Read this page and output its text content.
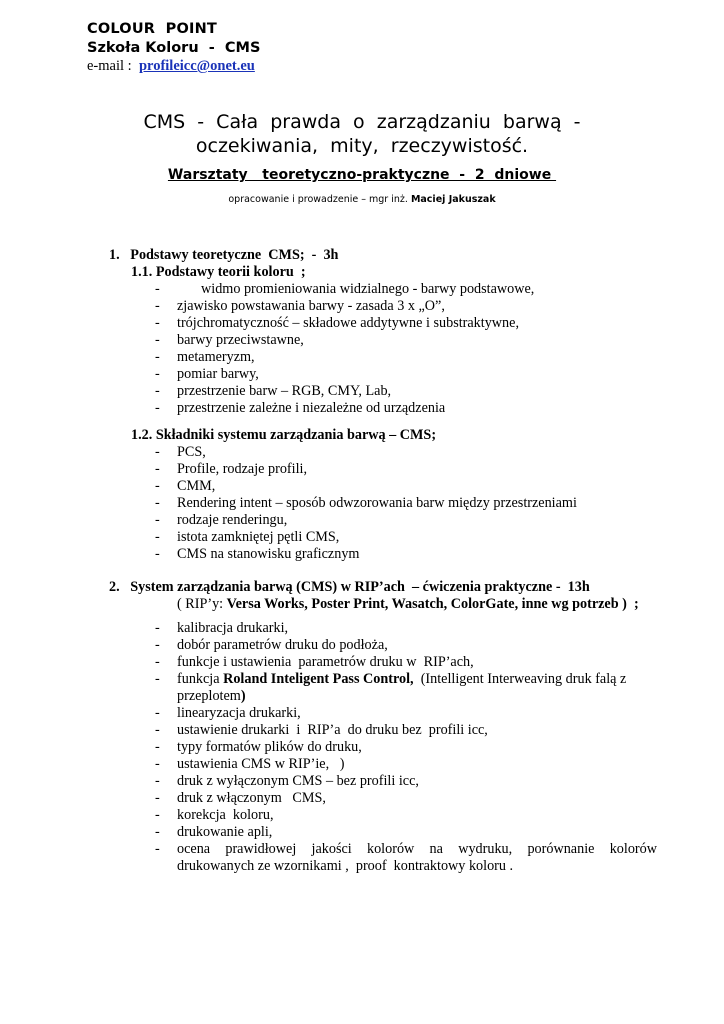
COLOUR  POINT
Szkoła Koloru  -  CMS
e-mail :  profileicc@onet.eu
CMS  -  Cała  prawda  o  zarządzaniu  barwą  -
oczekiwania,  mity,  rzeczywistość.
Warsztaty   teoretyczno-praktyczne  -  2  dniowe
opracowanie i prowadzenie – mgr inż. Maciej Jakuszak
1.   Podstawy teoretyczne  CMS;  -  3h
1.1. Podstawy teorii koloru  ;
-	widmo promieniowania widzialnego - barwy podstawowe,
- zjawisko powstawania barwy - zasada 3 x „O”,
- trójchromatyczność – składowe addytywne i substraktywne,
- barwy przeciwstawne,
- metameryzm,
- pomiar barwy,
- przestrzenie barw – RGB, CMY, Lab,
- przestrzenie zależne i niezależne od urządzenia
1.2. Składniki systemu zarządzania barwą – CMS;
- PCS,
- Profile, rodzaje profili,
- CMM,
- Rendering intent – sposób odwzorowania barw między przestrzeniami
- rodzaje renderingu,
- istota zamkniętej pętli CMS,
- CMS na stanowisku graficznym
2.   System zarządzania barwą (CMS) w RIP’ach  – ćwiczenia praktyczne -  13h
( RIP’y: Versa Works, Poster Print, Wasatch, ColorGate, inne wg potrzeb )  ;
- kalibracja drukarki,
- dobór parametrów druku do podłoża,
- funkcje i ustawienia  parametrów druku w  RIP’ach,
- funkcja Roland Inteligent Pass Control,  (Intelligent Interweaving druk falą z
przeplotem)
- linearyzacja drukarki,
- ustawienie drukarki  i  RIP’a  do druku bez  profili icc,
- typy formatów plików do druku,
- ustawienia CMS w RIP’ie,   )
- druk z wyłączonym CMS – bez profili icc,
- druk z włączonym   CMS,
- korekcja  koloru,
- drukowanie apli,
- ocena prawidłowej jakości kolorów na wydruku, porównanie kolorów
drukowanych ze wzornikami ,  proof  kontraktowy koloru .
